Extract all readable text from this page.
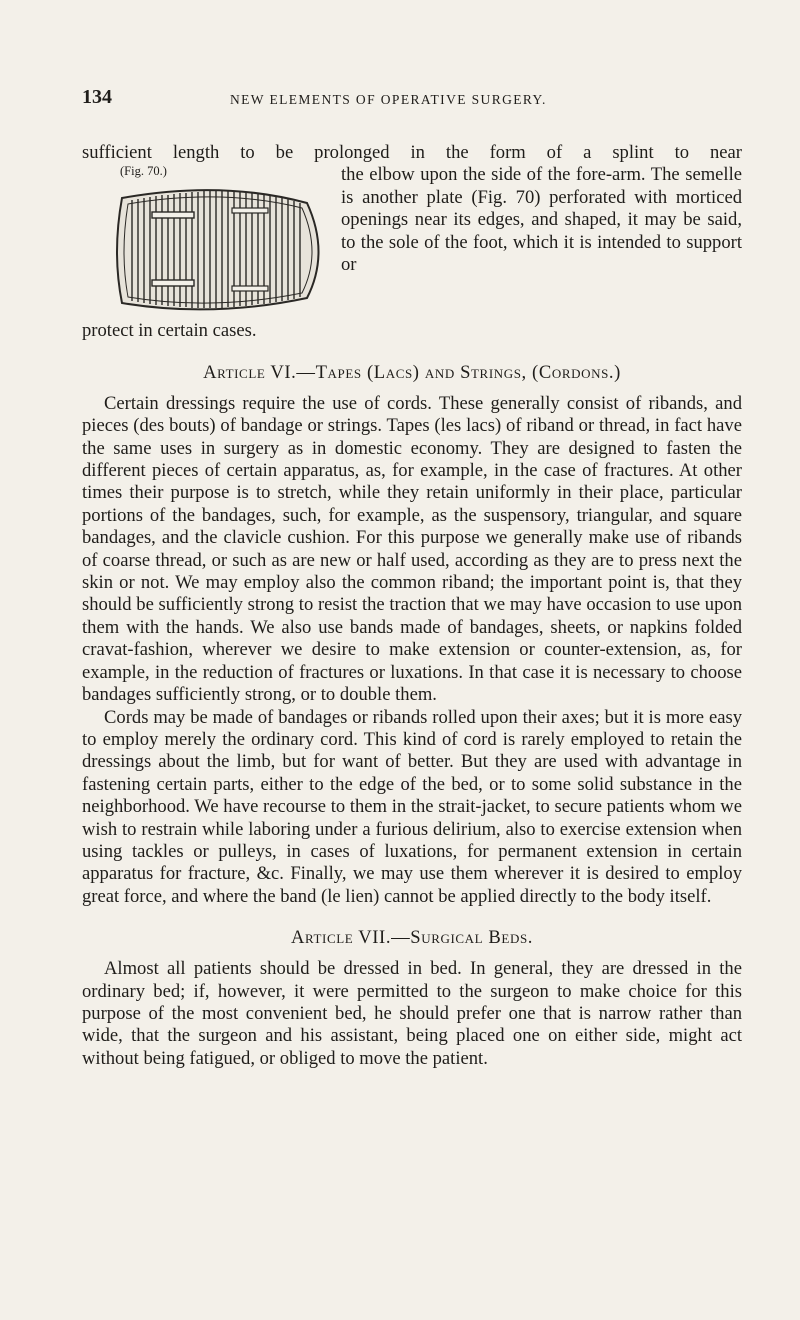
134	NEW ELEMENTS OF OPERATIVE SURGERY.
sufficient length to be prolonged in the form of a splint to near
(Fig. 70.)	the elbow upon the side of the fore-arm. The semelle is another plate (Fig. 70) perforated with morticed openings near its edges, and shaped, it may be said, to the sole of the foot, which it is intended to support or

protect in certain cases.

Article VI.—Tapes (Lacs) and Strings, (Cordons.)

Certain dressings require the use of cords. These generally consist of ribands, and pieces (des bouts) of bandage or strings. Tapes (les lacs) of riband or thread, in fact have the same uses in surgery as in domestic economy. They are designed to fasten the different pieces of certain apparatus, as, for example, in the case of fractures. At other times their purpose is to stretch, while they retain uniformly in their place, particular portions of the bandages, such, for example, as the suspensory, triangular, and square bandages, and the clavicle cushion. For this purpose we generally make use of ribands of coarse thread, or such as are new or half used, according as they are to press next the skin or not. We may employ also the common riband; the important point is, that they should be sufficiently strong to resist the traction that we may have occasion to use upon them with the hands. We also use bands made of bandages, sheets, or napkins folded cravat-fashion, wherever we desire to make extension or counter-extension, as, for example, in the reduction of fractures or luxations. In that case it is necessary to choose bandages sufficiently strong, or to double them.

Cords may be made of bandages or ribands rolled upon their axes; but it is more easy to employ merely the ordinary cord. This kind of cord is rarely employed to retain the dressings about the limb, but for want of better. But they are used with advantage in fastening certain parts, either to the edge of the bed, or to some solid substance in the neighborhood. We have recourse to them in the strait-jacket, to secure patients whom we wish to restrain while laboring under a furious delirium, also to exercise extension when using tackles or pulleys, in cases of luxations, for permanent extension in certain apparatus for fracture, &c. Finally, we may use them wherever it is desired to employ great force, and where the band (le lien) cannot be applied directly to the body itself.

Article VII.—Surgical Beds.

Almost all patients should be dressed in bed. In general, they are dressed in the ordinary bed; if, however, it were permitted to the surgeon to make choice for this purpose of the most convenient bed, he should prefer one that is narrow rather than wide, that the surgeon and his assistant, being placed one on either side, might act without being fatigued, or obliged to move the patient.
